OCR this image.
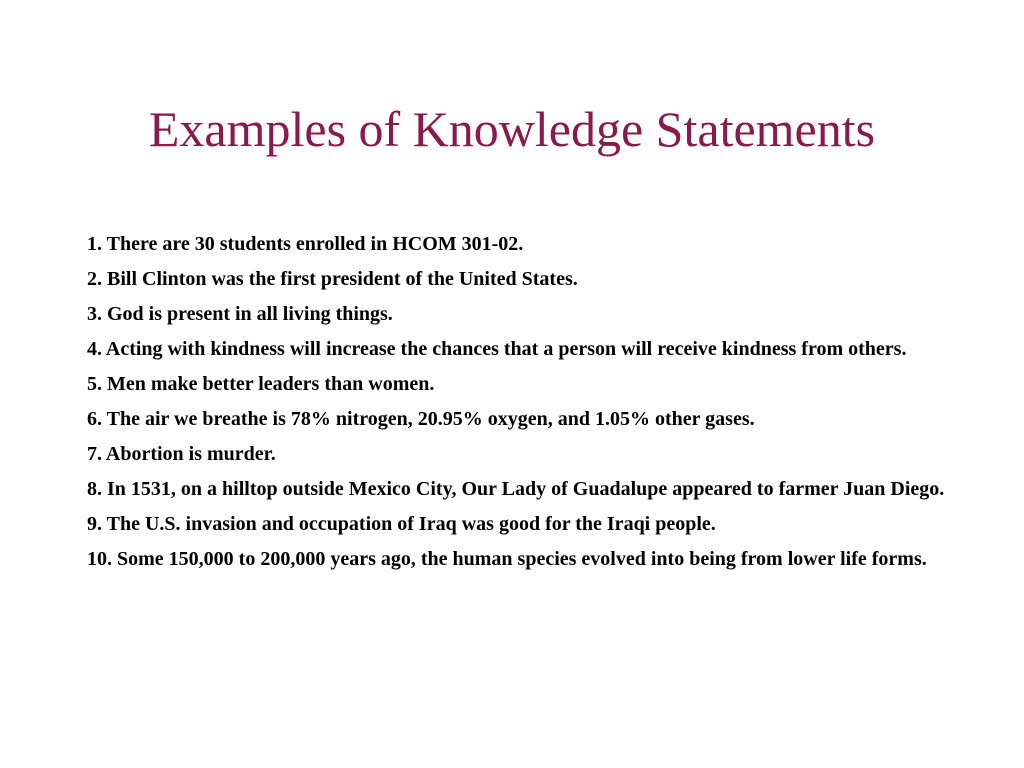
Examples of Knowledge Statements
1. There are 30 students enrolled in HCOM 301-02.
2. Bill Clinton was the first president of the United States.
3. God is present in all living things.
4. Acting with kindness will increase the chances that a person will receive kindness from others.
5. Men make better leaders than women.
6. The air we breathe is 78% nitrogen, 20.95% oxygen, and 1.05% other gases.
7. Abortion is murder.
8. In 1531, on a hilltop outside Mexico City, Our Lady of Guadalupe appeared to farmer Juan Diego.
9. The U.S. invasion and occupation of Iraq was good for the Iraqi people.
10. Some 150,000 to 200,000 years ago, the human species evolved into being from lower life forms.
